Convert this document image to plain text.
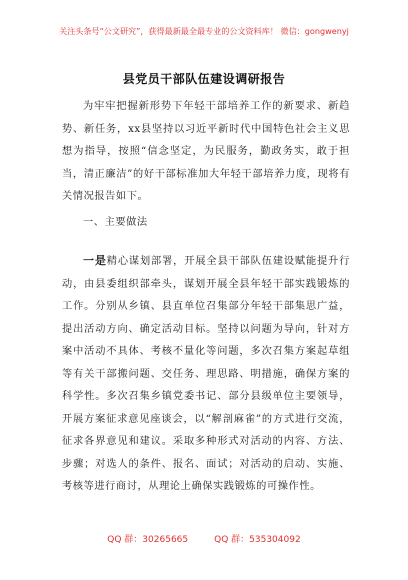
关注头条号“公文研究”，获得最新最全最专业的公文资料库！ 微信：gongwenyj
县党员干部队伍建设调研报告
为牢牢把握新形势下年轻干部培养工作的新要求、新趋势、新任务，xx县坚持以习近平新时代中国特色社会主义思想为指导，按照“信念坚定，为民服务，勤政务实，敢于担当，清正廉洁”的好干部标准加大年轻干部培养力度，现将有关情况报告如下。
一、主要做法
一是精心谋划部署，开展全县干部队伍建设赋能提升行动，由县委组织部牵头，谋划开展全县年轻干部实践锻炼的工作。分别从乡镇、县直单位召集部分年轻干部集思广益，提出活动方向、确定活动目标。坚持以问题为导向，针对方案中活动不具体、考核不量化等问题，多次召集方案起草组等有关干部搬问题、交任务、理思路、明措施，确保方案的科学性。多次召集乡镇党委书记、部分县级单位主要领导，开展方案征求意见座谈会，以“解剖麻雀”的方式进行交流，征求各界意见和建议。采取多种形式对活动的内容、方法、步骤；对选人的条件、报名、面试；对活动的启动、实施、考核等进行商讨，从理论上确保实践锻炼的可操作性。
QQ 群：30265665	QQ 群：535304092
